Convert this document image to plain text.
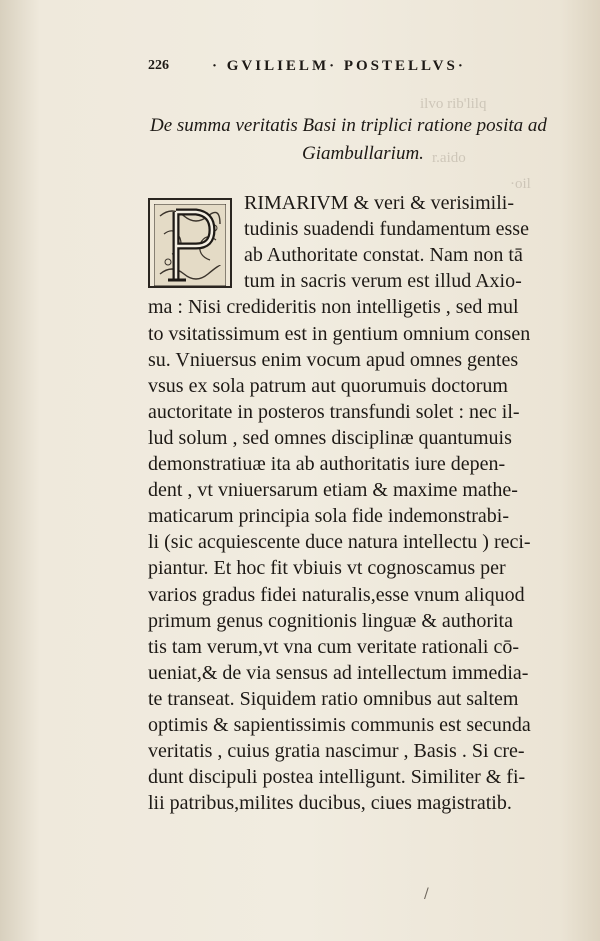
ilvo rib'lilq
r.aido
·oil
226	· GVILIELM· POSTELLVS·
De summa veritatis Basi in triplici ratione posita ad
Giambullarium.
RIMARIVM & veri & verisimili-
tudinis suadendi fundamentum esse
ab Authoritate constat. Nam non tā
tum in sacris verum est illud Axio-
ma : Nisi credideritis non intelligetis , sed mul
to vsitatissimum est in gentium omnium consen
su. Vniuersus enim vocum apud omnes gentes
vsus ex sola patrum aut quorumuis doctorum
auctoritate in posteros transfundi solet : nec il-
lud solum , sed omnes disciplinæ quantumuis
demonstratiuæ ita ab authoritatis iure depen-
dent , vt vniuersarum etiam & maxime mathe-
maticarum principia sola fide indemonstrabi-
li (sic acquiescente duce natura intellectu ) reci-
piantur. Et hoc fit vbiuis vt cognoscamus per
varios gradus fidei naturalis,esse vnum aliquod
primum genus cognitionis linguæ & authorita
tis tam verum,vt vna cum veritate rationali cō-
ueniat,& de via sensus ad intellectum immedia-
te transeat. Siquidem ratio omnibus aut saltem
optimis & sapientissimis communis est secunda
veritatis , cuius gratia nascimur , Basis . Si cre-
dunt discipuli postea intelligunt. Similiter & fi-
lii patribus,milites ducibus, ciues magistratib.
/
